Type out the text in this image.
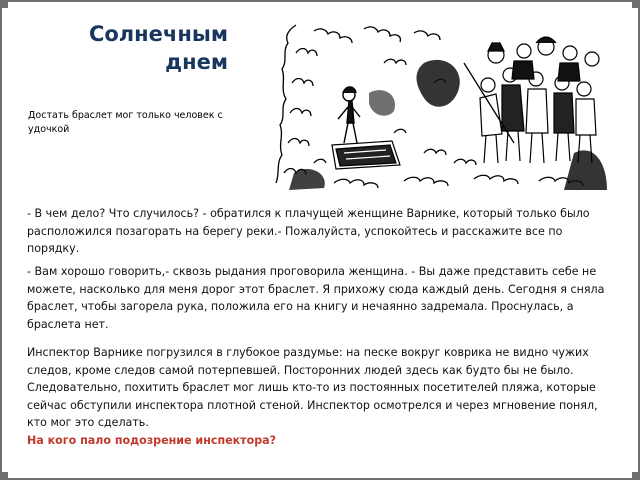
Солнечным днем
Достать браслет мог только человек с удочкой

- В чем дело? Что случилось? - обратился к плачущей женщине Варнике, который только было расположился позагорать на берегу реки.- Пожалуйста, успокойтесь и расскажите все по порядку.

- Вам хорошо говорить,- сквозь рыдания проговорила женщина. - Вы даже представить себе не можете, насколько для меня дорог этот браслет. Я прихожу сюда каждый день. Сегодня я сняла браслет, чтобы загорела рука, положила его на книгу и нечаянно задремала. Проснулась, а браслета нет.

Инспектор Варнике погрузился в глубокое раздумье: на песке вокруг коврика не видно чужих следов, кроме следов самой потерпевшей. Посторонних людей здесь как будто бы не было. Следовательно, похитить браслет мог лишь кто-то из постоянных посетителей пляжа, которые сейчас обступили инспектора плотной стеной. Инспектор осмотрелся и через мгновение понял, кто мог это сделать.

На кого пало подозрение инспектора?
